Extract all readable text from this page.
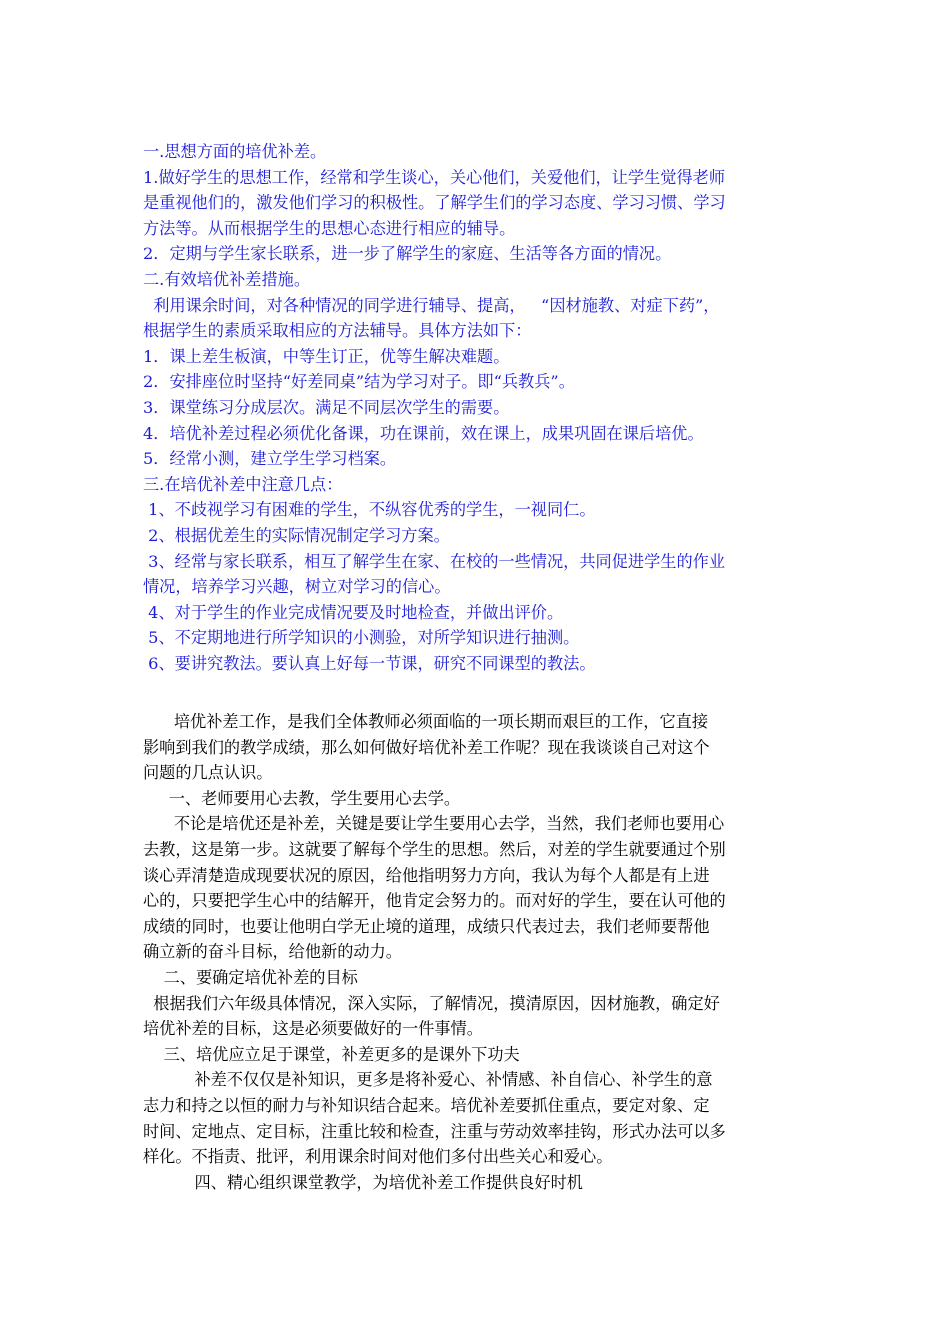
一.思想方面的培优补差。
1.做好学生的思想工作，经常和学生谈心，关心他们，关爱他们，让学生觉得老师
是重视他们的，激发他们学习的积极性。了解学生们的学习态度、学习习惯、学习
方法等。从而根据学生的思想心态进行相应的辅导。
2．定期与学生家长联系，进一步了解学生的家庭、生活等各方面的情况。
二.有效培优补差措施。
利用课余时间，对各种情况的同学进行辅导、提高，   “因材施教、对症下药”，
根据学生的素质采取相应的方法辅导。具体方法如下：
1．课上差生板演，中等生订正，优等生解决难题。
2．安排座位时坚持“好差同桌”结为学习对子。即“兵教兵”。
3．课堂练习分成层次。满足不同层次学生的需要。
4．培优补差过程必须优化备课，功在课前，效在课上，成果巩固在课后培优。
5．经常小测，建立学生学习档案。
三.在培优补差中注意几点：
1、不歧视学习有困难的学生，不纵容优秀的学生，一视同仁。
2、根据优差生的实际情况制定学习方案。
3、经常与家长联系，相互了解学生在家、在校的一些情况，共同促进学生的作业
情况，培养学习兴趣，树立对学习的信心。
4、对于学生的作业完成情况要及时地检查，并做出评价。
5、不定期地进行所学知识的小测验，对所学知识进行抽测。
6、要讲究教法。要认真上好每一节课，研究不同课型的教法。
培优补差工作，是我们全体教师必须面临的一项长期而艰巨的工作，它直接
影响到我们的教学成绩，那么如何做好培优补差工作呢？现在我谈谈自己对这个
问题的几点认识。
一、老师要用心去教，学生要用心去学。
不论是培优还是补差，关键是要让学生要用心去学，当然，我们老师也要用心
去教，这是第一步。这就要了解每个学生的思想。然后，对差的学生就要通过个别
谈心弄清楚造成现要状况的原因，给他指明努力方向，我认为每个人都是有上进
心的，只要把学生心中的结解开，他肯定会努力的。而对好的学生，要在认可他的
成绩的同时，也要让他明白学无止境的道理，成绩只代表过去，我们老师要帮他
确立新的奋斗目标，给他新的动力。
二、要确定培优补差的目标
根据我们六年级具体情况，深入实际，了解情况，摸清原因，因材施教，确定好
培优补差的目标，这是必须要做好的一件事情。
三、培优应立足于课堂，补差更多的是课外下功夫
补差不仅仅是补知识，更多是将补爱心、补情感、补自信心、补学生的意
志力和持之以恒的耐力与补知识结合起来。培优补差要抓住重点，要定对象、定
时间、定地点、定目标，注重比较和检查，注重与劳动效率挂钩，形式办法可以多
样化。不指责、批评，利用课余时间对他们多付出些关心和爱心。
四、精心组织课堂教学，为培优补差工作提供良好时机
